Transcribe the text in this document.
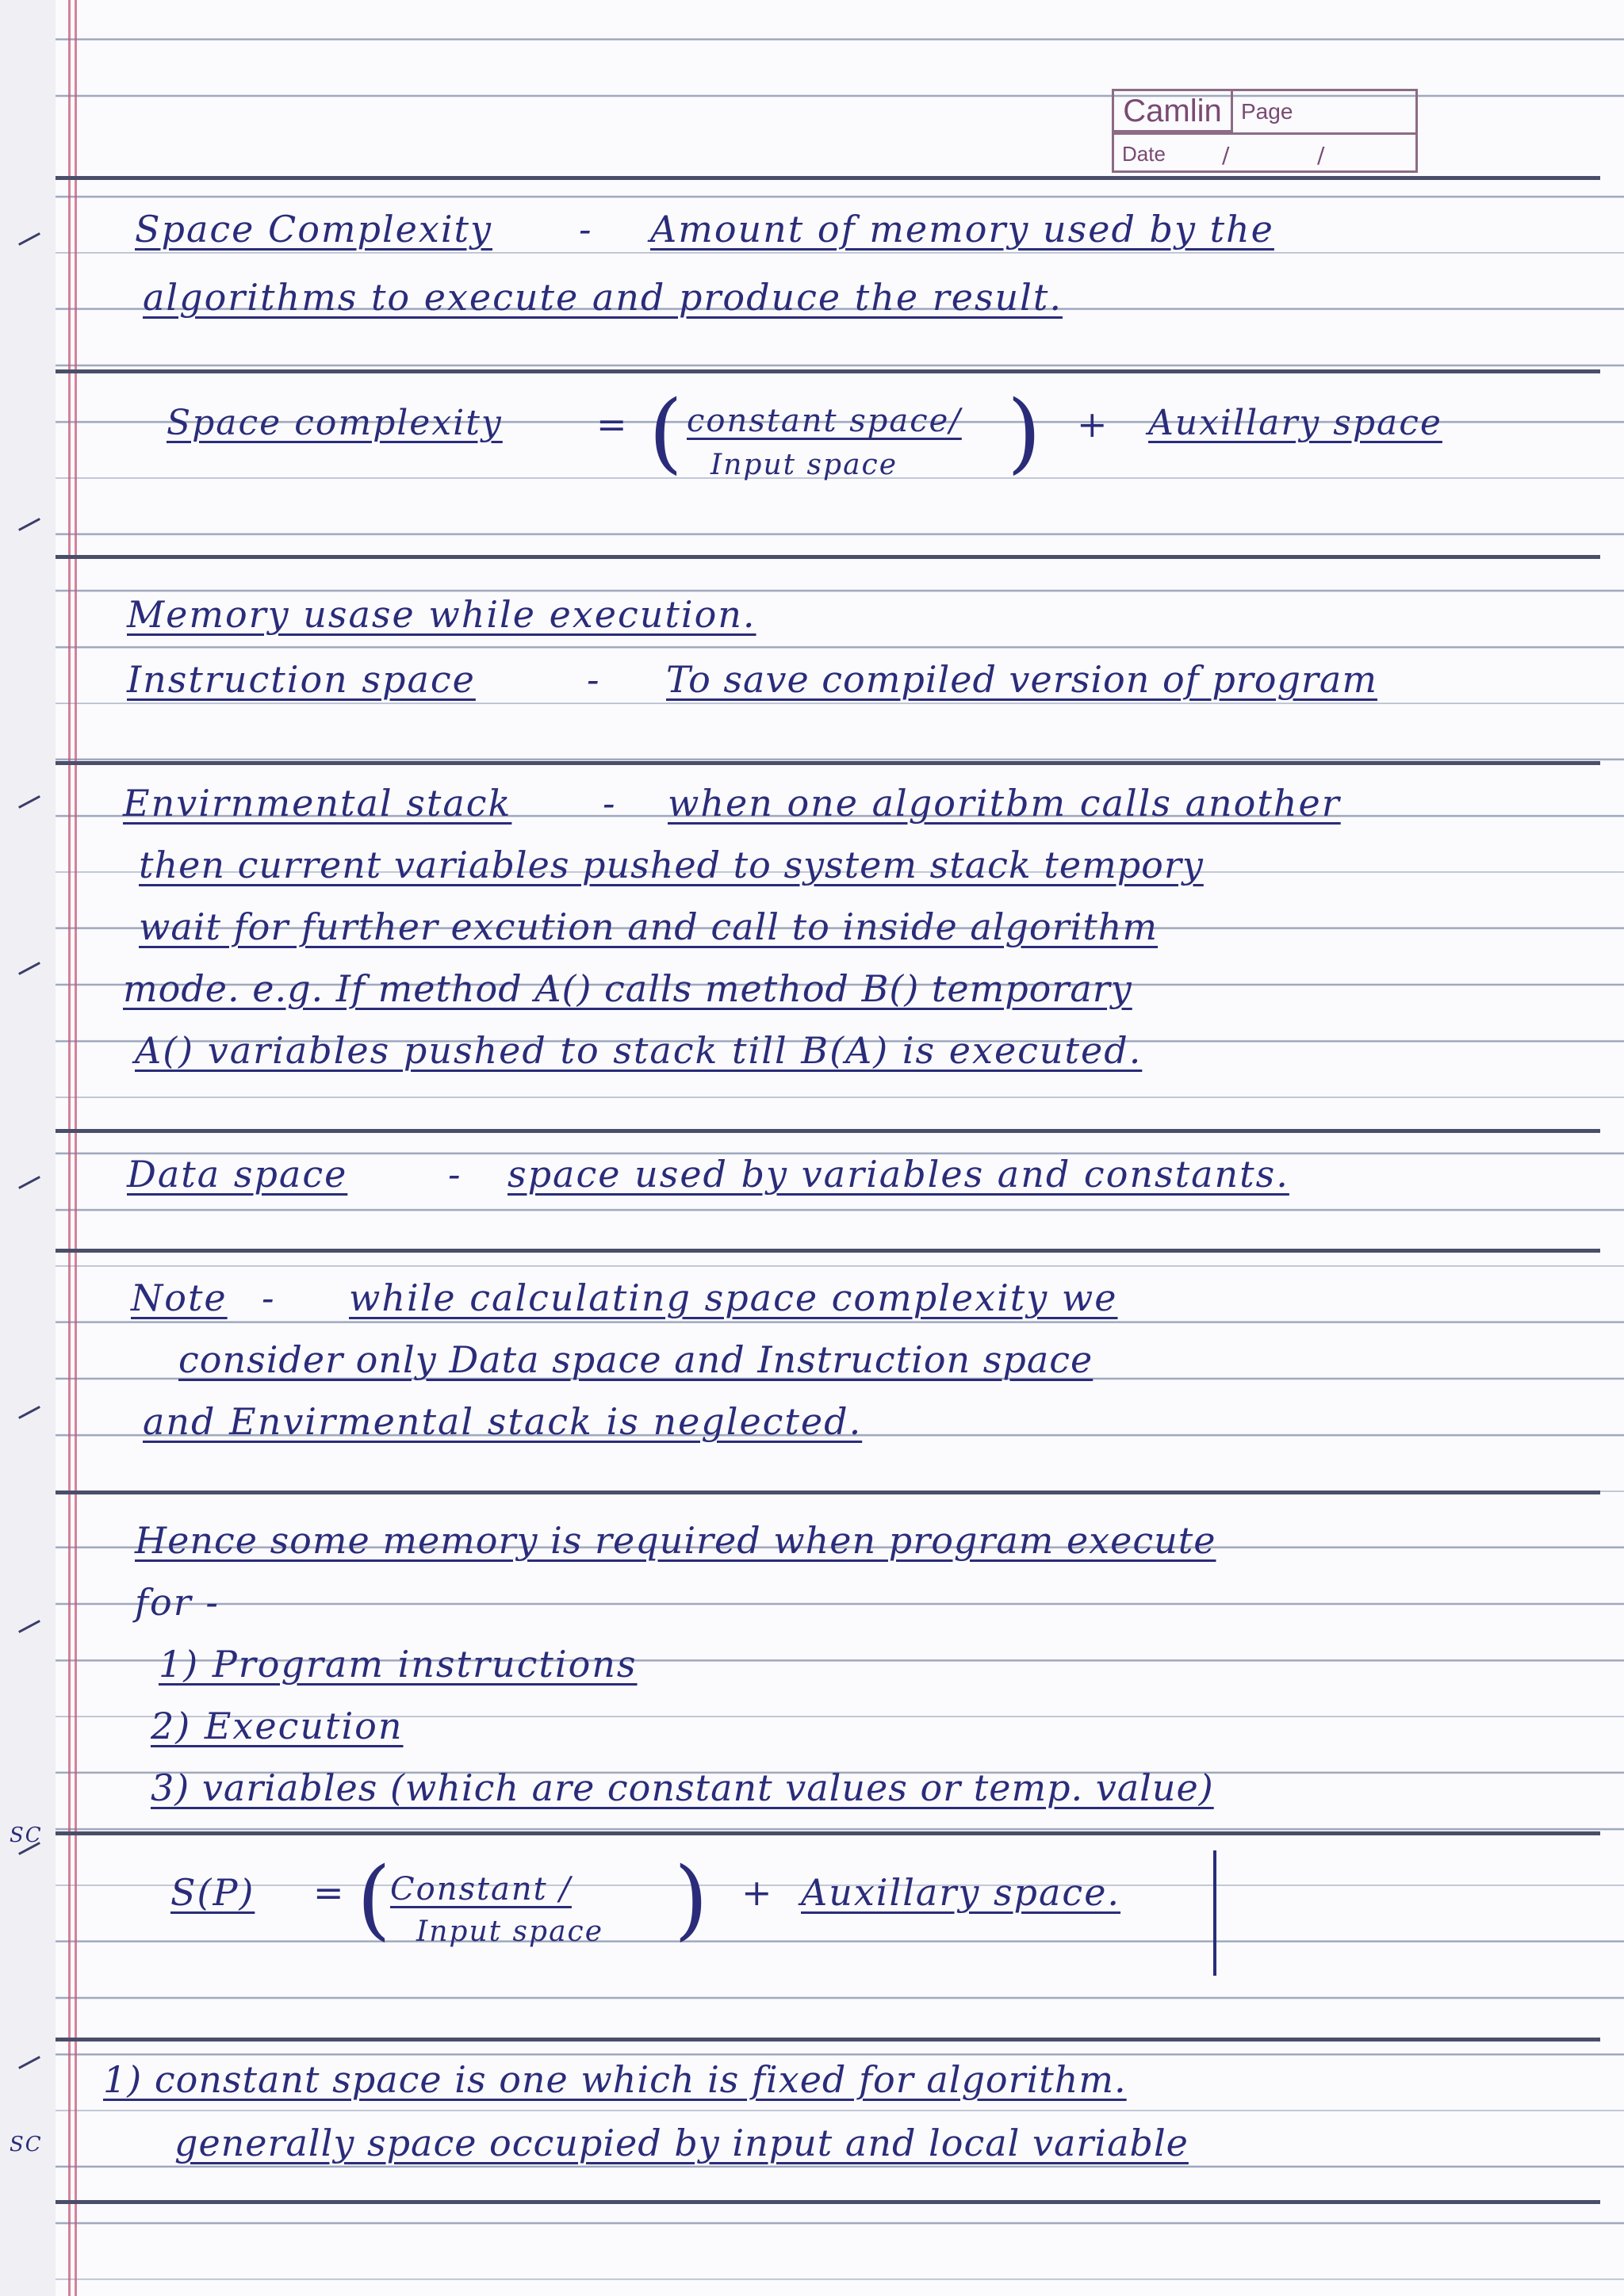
SC
SC
Camlin Page
Date	/	/
Space Complexity - Amount of memory used by the
algorithms to execute and produce the result.
Space complexity	= ( constant space/
Input space ) + Auxillary space
Memory usase while execution.
Instruction space	- To save compiled version of program
Envirnmental stack - when one algoritbm calls another
then current variables pushed to system stack tempory
wait for further excution and call to inside algorithm
mode. e.g. If method A() calls method B() temporary
A() variables pushed to stack till B(A) is executed.
Data space	- space used by variables and constants.
Note - while calculating space complexity we
consider only Data space and Instruction space
and Envirmental stack is neglected.
Hence some memory is required when program execute
for -
1) Program instructions
2) Execution
3) variables (which are constant values or temp. value)
S(P) = ( Constant /
Input space ) + Auxillary space.
1) constant space is one which is fixed for algorithm.
generally space occupied by input and local variable
